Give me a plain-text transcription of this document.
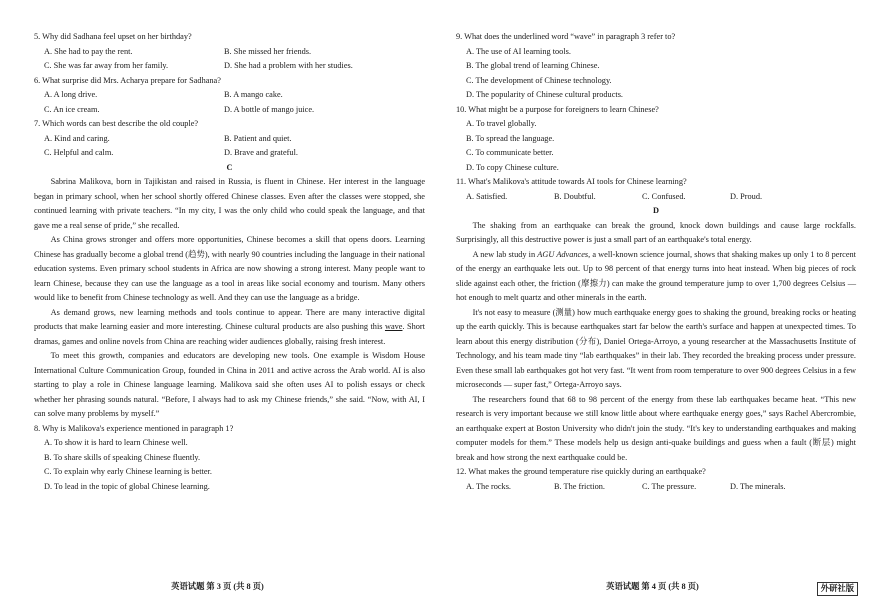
5. Why did Sadhana feel upset on her birthday?

A. She had to pay the rent.	B. She missed her friends.
C. She was far away from her family.	D. She had a problem with her studies.

6. What surprise did Mrs. Acharya prepare for Sadhana?

A. A long drive.	B. A mango cake.
C. An ice cream.	D. A bottle of mango juice.

7. Which words can best describe the old couple?

A. Kind and caring.	B. Patient and quiet.
C. Helpful and calm.	D. Brave and grateful.

C

Sabrina Malikova, born in Tajikistan and raised in Russia, is fluent in Chinese. Her interest in the language began in primary school, when her school shortly offered Chinese classes. Even after the classes were stopped, she continued learning with private teachers. “In my city, I was the only child who could speak the language, and that gave me a real sense of pride,” she recalled.

As China grows stronger and offers more opportunities, Chinese becomes a skill that opens doors. Learning Chinese has gradually become a global trend (趋势), with nearly 90 countries including the language in their national education systems. Even primary school students in Africa are now showing a strong interest. Many people want to learn Chinese, because they can use the language as a tool in areas like social economy and tourism. Many others would like to benefit from Chinese technology as well. And they can use the language as a bridge.

As demand grows, new learning methods and tools continue to appear. There are many interactive digital products that make learning easier and more interesting. Chinese cultural products are also pushing this wave. Short dramas, games and online novels from China are reaching wider audiences globally, raising fresh interest.

To meet this growth, companies and educators are developing new tools. One example is Wisdom House International Culture Communication Group, founded in China in 2011 and active across the Arab world. AI is also starting to play a role in Chinese language learning. Malikova said she often uses AI to polish essays or check whether her phrasing sounds natural. “Before, I always had to ask my Chinese friends,” she said. “Now, with AI, I can solve many problems by myself.”

8. Why is Malikova's experience mentioned in paragraph 1?

A. To show it is hard to learn Chinese well.
B. To share skills of speaking Chinese fluently.
C. To explain why early Chinese learning is better.
D. To lead in the topic of global Chinese learning.
英语试题 第 3 页 (共 8 页)

9. What does the underlined word “wave” in paragraph 3 refer to?

A. The use of AI learning tools.
B. The global trend of learning Chinese.
C. The development of Chinese technology.
D. The popularity of Chinese cultural products.

10. What might be a purpose for foreigners to learn Chinese?

A. To travel globally.
B. To spread the language.
C. To communicate better.
D. To copy Chinese culture.

11. What's Malikova's attitude towards AI tools for Chinese learning?

A. Satisfied.	B. Doubtful.	C. Confused.	D. Proud.

D

The shaking from an earthquake can break the ground, knock down buildings and cause large rockfalls. Surprisingly, all this destructive power is just a small part of an earthquake's total energy.

A new lab study in AGU Advances, a well-known science journal, shows that shaking makes up only 1 to 8 percent of the energy an earthquake lets out. Up to 98 percent of that energy turns into heat instead. When big pieces of rock slide against each other, the friction (摩擦力) can make the ground temperature jump to over 1,700 degrees Celsius — hot enough to melt quartz and other minerals in the earth.

It's not easy to measure (测量) how much earthquake energy goes to shaking the ground, breaking rocks or heating up the earth quickly. This is because earthquakes start far below the earth's surface and happen at unexpected times. To learn about this energy distribution (分布), Daniel Ortega-Arroyo, a young researcher at the Massachusetts Institute of Technology, and his team made tiny “lab earthquakes” in their lab. They recorded the breaking process under pressure. Even these small lab earthquakes got hot very fast. “It went from room temperature to over 900 degrees Celsius in a few microseconds — super fast,” Ortega-Arroyo says.

The researchers found that 68 to 98 percent of the energy from these lab earthquakes became heat. “This new research is very important because we still know little about where earthquake energy goes,” says Rachel Abercrombie, an earthquake expert at Boston University who didn't join the study. “It's key to understanding earthquakes and making computer models for them.” These models help us design anti-quake buildings and guess when a fault (断层) might break and how strong the next earthquake could be.

12. What makes the ground temperature rise quickly during an earthquake?

A. The rocks.	B. The friction.	C. The pressure.	D. The minerals.
英语试题 第 4 页 (共 8 页)	外研社版
